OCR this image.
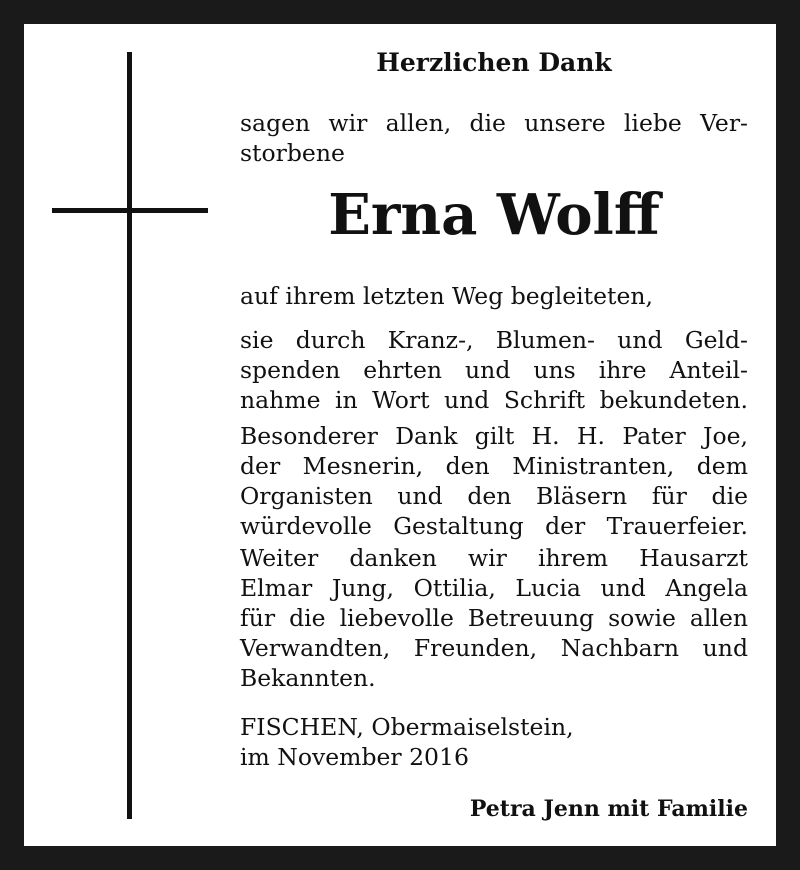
Herzlichen Dank

sagen wir allen, die unsere liebe Ver-
storbene

Erna Wolff

auf ihrem letzten Weg begleiteten,

sie durch Kranz-, Blumen- und Geld-
spenden ehrten und uns ihre Anteil-
nahme in Wort und Schrift bekundeten.

Besonderer Dank gilt H. H. Pater Joe,
der Mesnerin, den Ministranten, dem
Organisten und den Bläsern für die
würdevolle Gestaltung der Trauerfeier.

Weiter danken wir ihrem Hausarzt
Elmar Jung, Ottilia, Lucia und Angela
für die liebevolle Betreuung sowie allen
Verwandten, Freunden, Nachbarn und
Bekannten.

FISCHEN, Obermaiselstein,
im November 2016

Petra Jenn mit Familie
